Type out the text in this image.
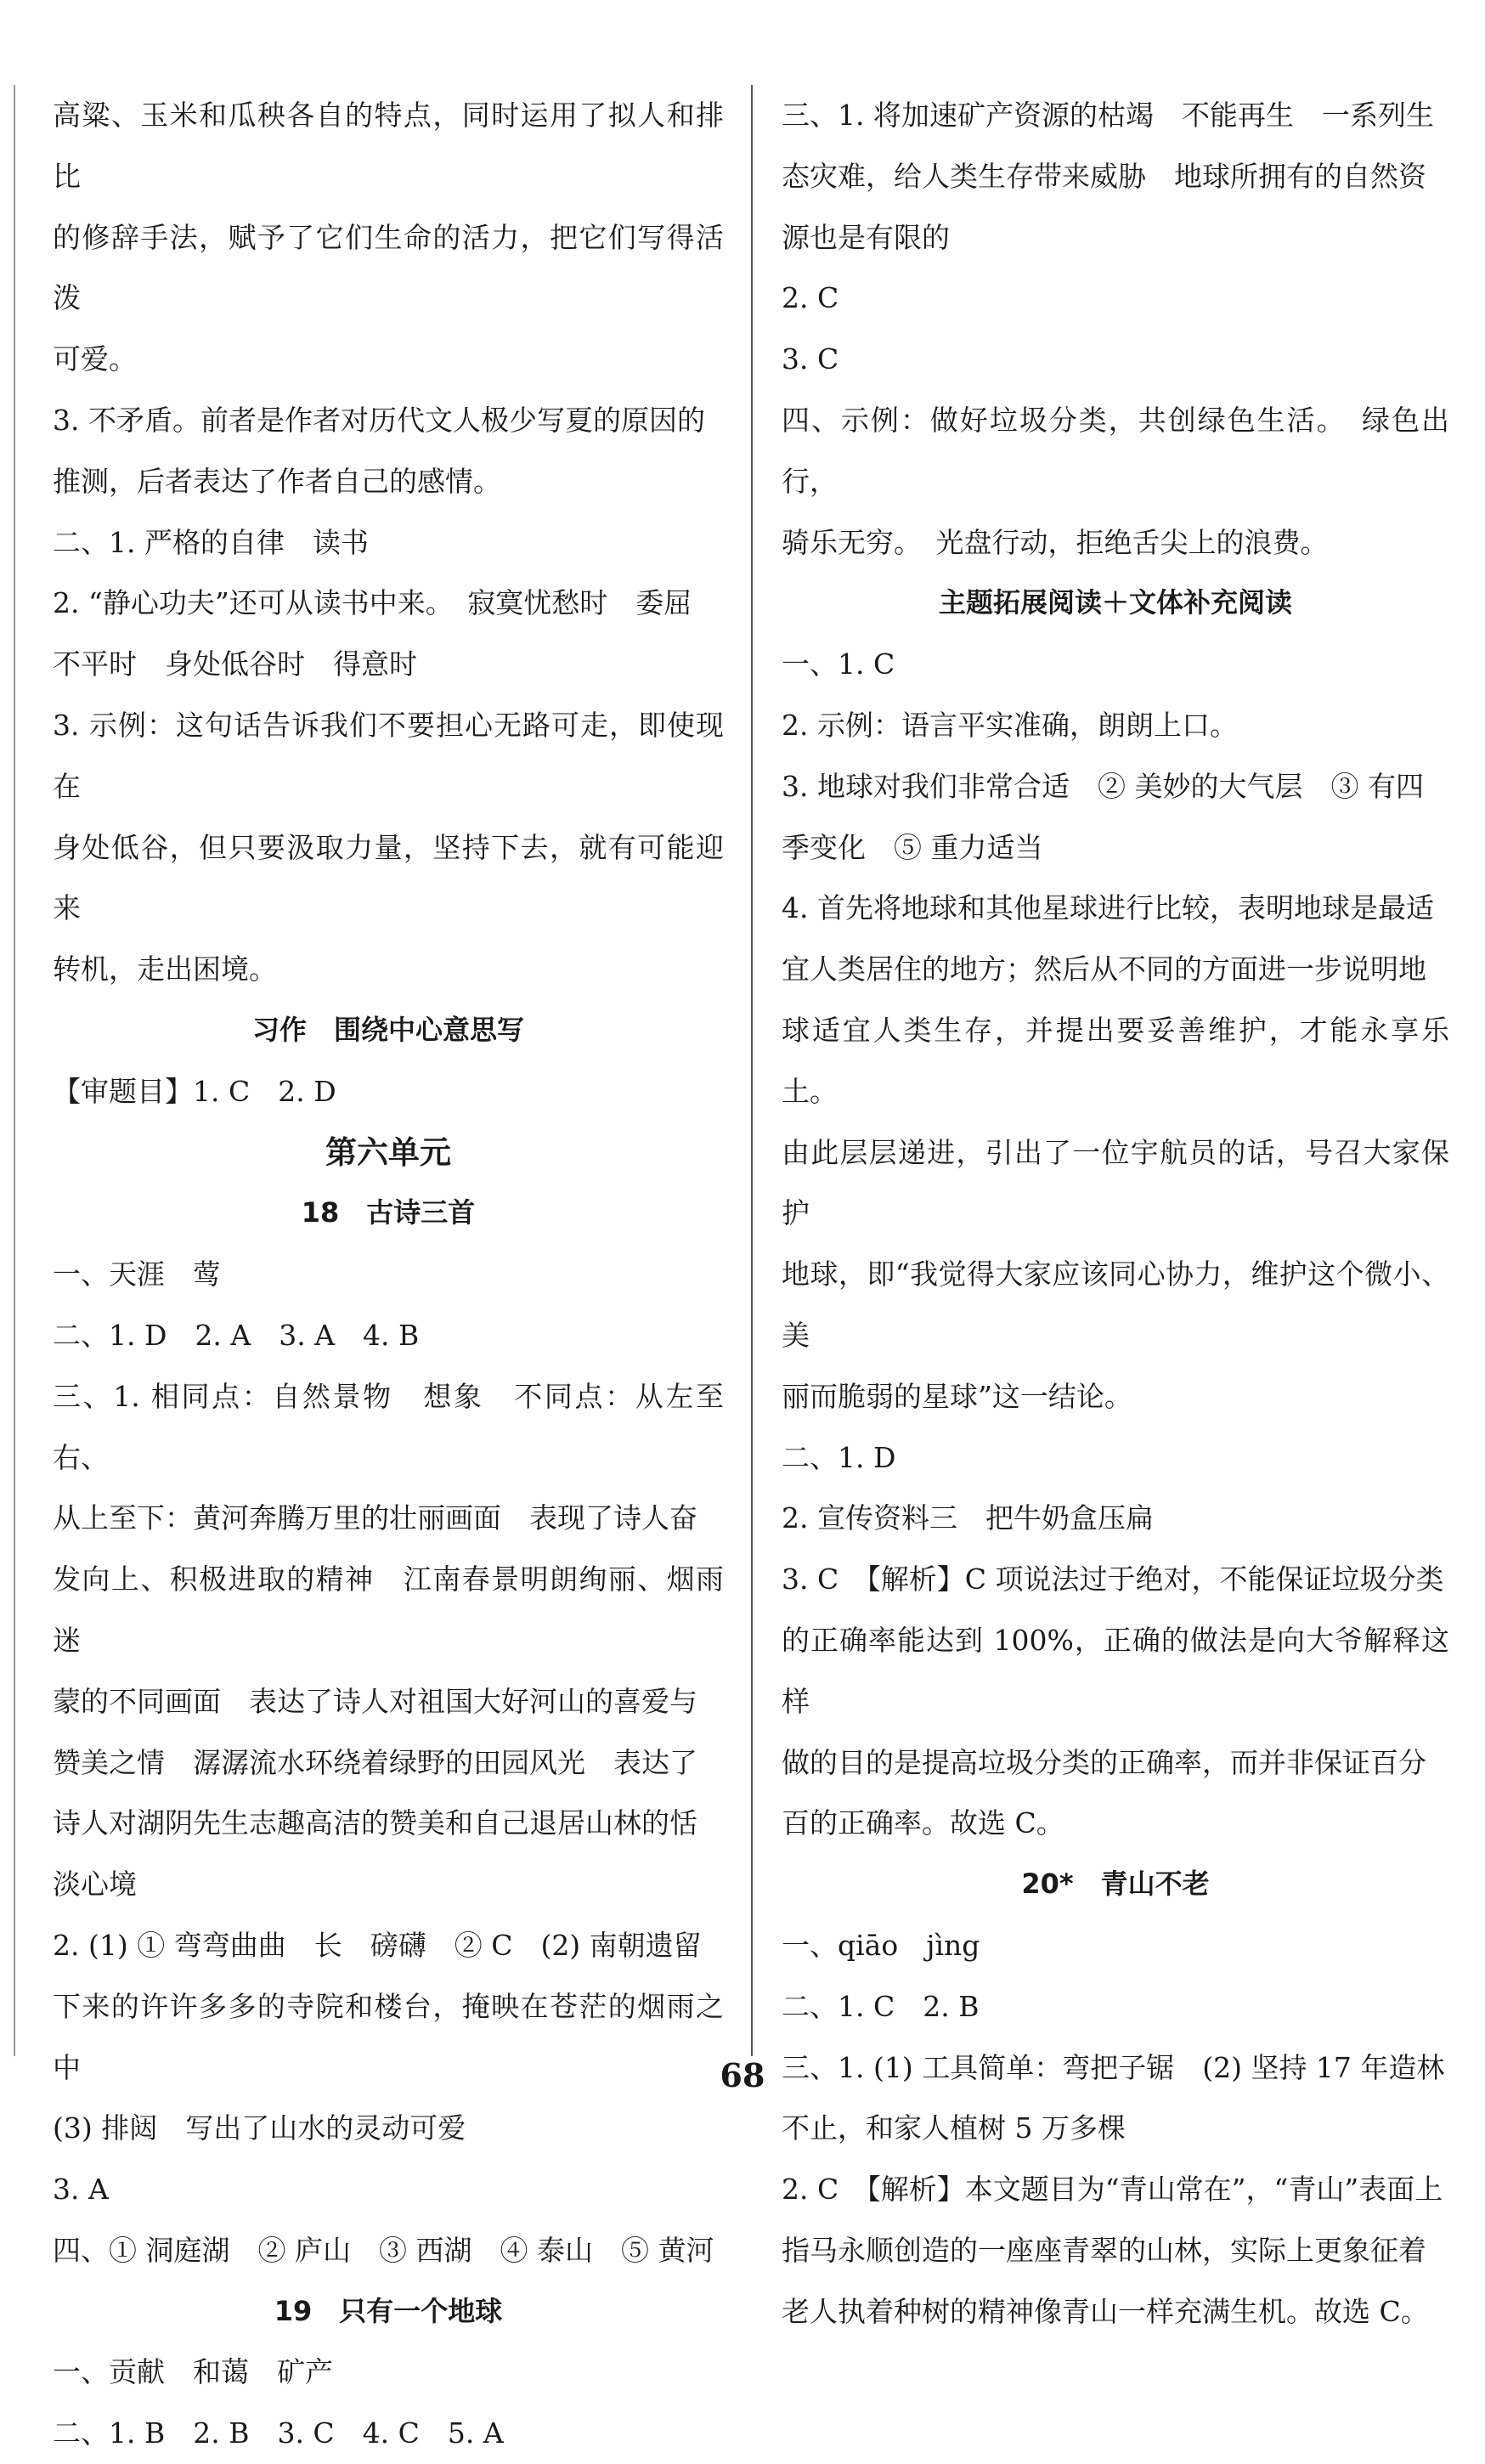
高粱、玉米和瓜秧各自的特点，同时运用了拟人和排比
的修辞手法，赋予了它们生命的活力，把它们写得活泼
可爱。
3. 不矛盾。前者是作者对历代文人极少写夏的原因的
推测，后者表达了作者自己的感情。
二、1. 严格的自律　读书
2. “静心功夫”还可从读书中来。　寂寞忧愁时　委屈
不平时　身处低谷时　得意时
3. 示例：这句话告诉我们不要担心无路可走，即使现在
身处低谷，但只要汲取力量，坚持下去，就有可能迎来
转机，走出困境。
习作　围绕中心意思写
【审题目】1. C　2. D
第六单元
18　古诗三首
一、天涯　莺
二、1. D　2. A　3. A　4. B
三、1. 相同点：自然景物　想象　不同点：从左至右、
从上至下：黄河奔腾万里的壮丽画面　表现了诗人奋
发向上、积极进取的精神　江南春景明朗绚丽、烟雨迷
蒙的不同画面　表达了诗人对祖国大好河山的喜爱与
赞美之情　潺潺流水环绕着绿野的田园风光　表达了
诗人对湖阴先生志趣高洁的赞美和自己退居山林的恬
淡心境
2. (1) ① 弯弯曲曲　长　磅礴　② C　(2) 南朝遗留
下来的许许多多的寺院和楼台，掩映在苍茫的烟雨之中
(3) 排闼　写出了山水的灵动可爱
3. A
四、① 洞庭湖　② 庐山　③ 西湖　④ 泰山　⑤ 黄河
19　只有一个地球
一、贡献　和蔼　矿产
二、1. B　2. B　3. C　4. C　5. A
三、1. 将加速矿产资源的枯竭　不能再生　一系列生
态灾难，给人类生存带来威胁　地球所拥有的自然资
源也是有限的
2. C
3. C
四、示例：做好垃圾分类，共创绿色生活。　绿色出行，
骑乐无穷。　光盘行动，拒绝舌尖上的浪费。
主题拓展阅读＋文体补充阅读
一、1. C
2. 示例：语言平实准确，朗朗上口。
3. 地球对我们非常合适　② 美妙的大气层　③ 有四
季变化　⑤ 重力适当
4. 首先将地球和其他星球进行比较，表明地球是最适
宜人类居住的地方；然后从不同的方面进一步说明地
球适宜人类生存，并提出要妥善维护，才能永享乐土。
由此层层递进，引出了一位宇航员的话，号召大家保护
地球，即“我觉得大家应该同心协力，维护这个微小、美
丽而脆弱的星球”这一结论。
二、1. D
2. 宣传资料三　把牛奶盒压扁
3. C　【解析】C 项说法过于绝对，不能保证垃圾分类
的正确率能达到 100%，正确的做法是向大爷解释这样
做的目的是提高垃圾分类的正确率，而并非保证百分
百的正确率。故选 C。
20*　青山不老
一、qiāo　jìng
二、1. C　2. B
三、1. (1) 工具简单：弯把子锯　(2) 坚持 17 年造林
不止，和家人植树 5 万多棵
2. C　【解析】本文题目为“青山常在”，“青山”表面上
指马永顺创造的一座座青翠的山林，实际上更象征着
老人执着种树的精神像青山一样充满生机。故选 C。
68
